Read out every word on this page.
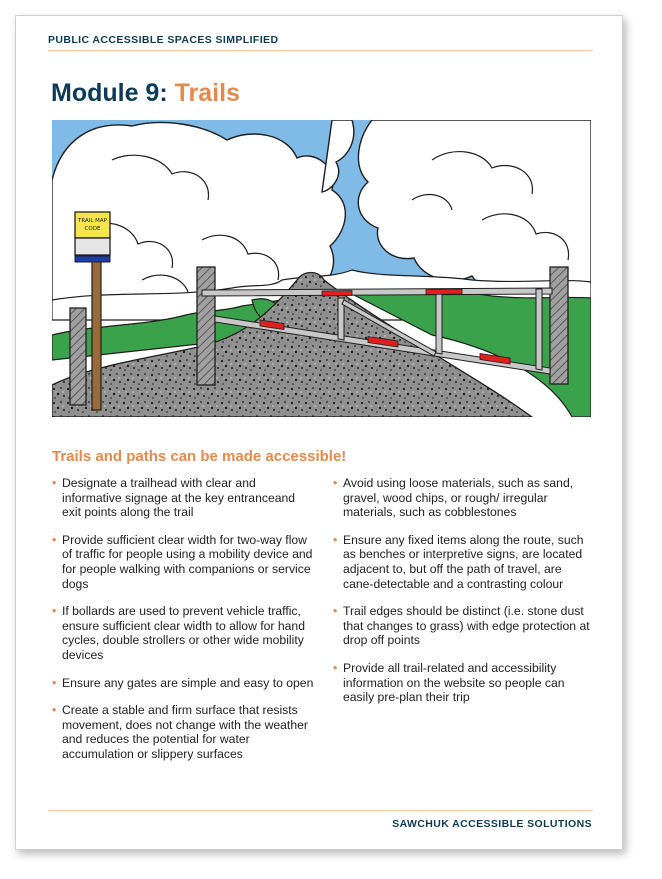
PUBLIC ACCESSIBLE SPACES SIMPLIFIED
Module 9: Trails
TRAIL MAP
CODE
Trails and paths can be made accessible!
• Designate a trailhead with clear and informative signage at the key entranceand exit points along the trail
• Provide sufficient clear width for two-way flow of traffic for people using a mobility device and for people walking with companions or service dogs
• If bollards are used to prevent vehicle traffic, ensure sufficient clear width to allow for hand cycles, double strollers or other wide mobility devices
• Ensure any gates are simple and easy to open
• Create a stable and firm surface that resists movement, does not change with the weather and reduces the potential for water accumulation or slippery surfaces
• Avoid using loose materials, such as sand, gravel, wood chips, or rough/ irregular materials, such as cobblestones
• Ensure any fixed items along the route, such as benches or interpretive signs, are located adjacent to, but off the path of travel, are cane-detectable and a contrasting colour
• Trail edges should be distinct (i.e. stone dust that changes to grass) with edge protection at drop off points
• Provide all trail-related and accessibility information on the website so people can easily pre-plan their trip
SAWCHUK ACCESSIBLE SOLUTIONS
